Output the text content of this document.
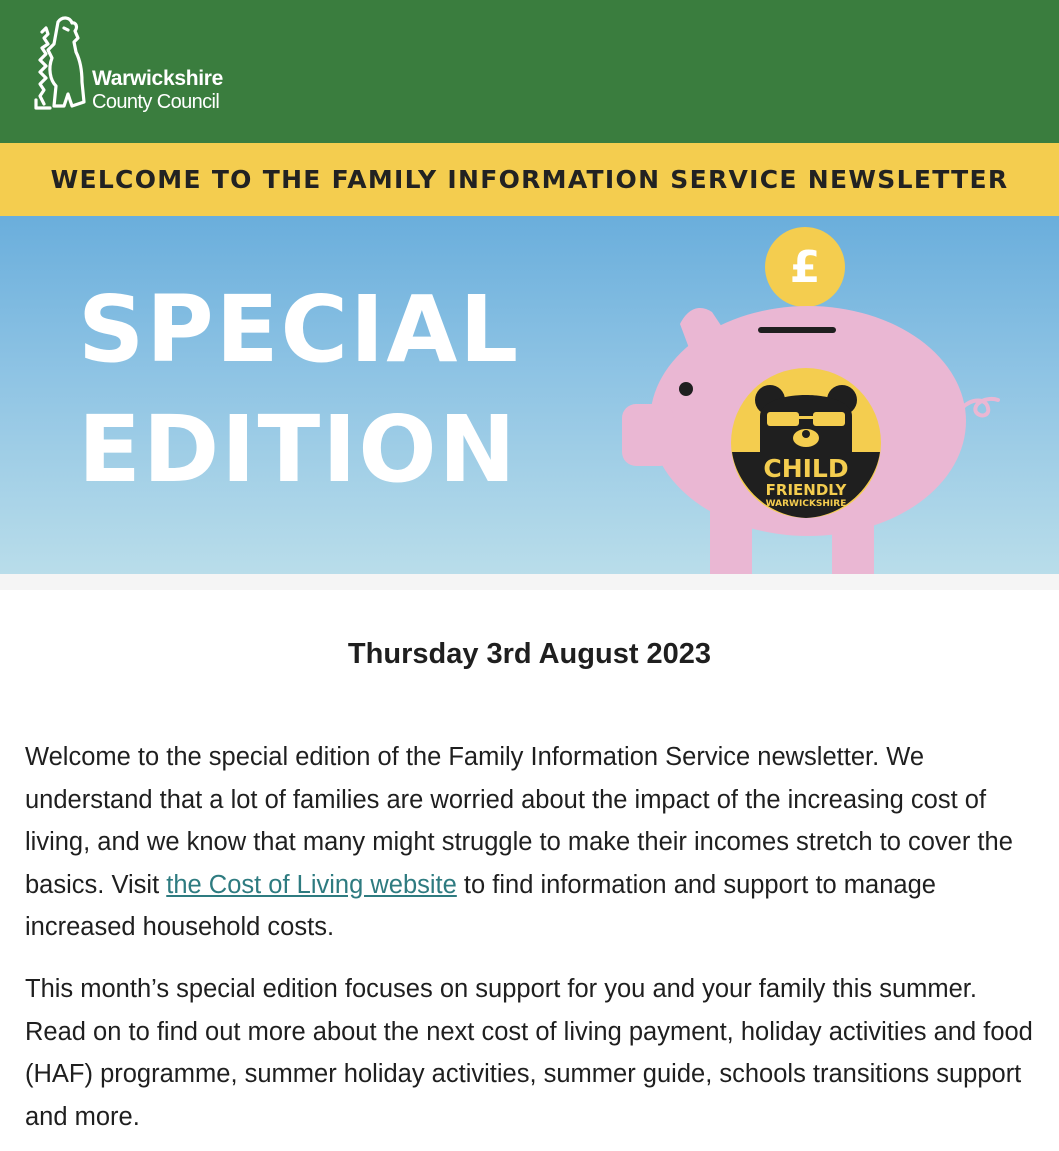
Warwickshire
County Council
WELCOME TO THE FAMILY INFORMATION SERVICE NEWSLETTER
SPECIAL
EDITION
£
CHILD
FRIENDLY
WARWICKSHIRE
Thursday 3rd August 2023

Welcome to the special edition of the Family Information Service newsletter. We understand that a lot of families are worried about the impact of the increasing cost of living, and we know that many might struggle to make their incomes stretch to cover the basics. Visit the Cost of Living website to find information and support to manage increased household costs.

This month’s special edition focuses on support for you and your family this summer. Read on to find out more about the next cost of living payment, holiday activities and food (HAF) programme, summer holiday activities, summer guide, schools transitions support and more.
